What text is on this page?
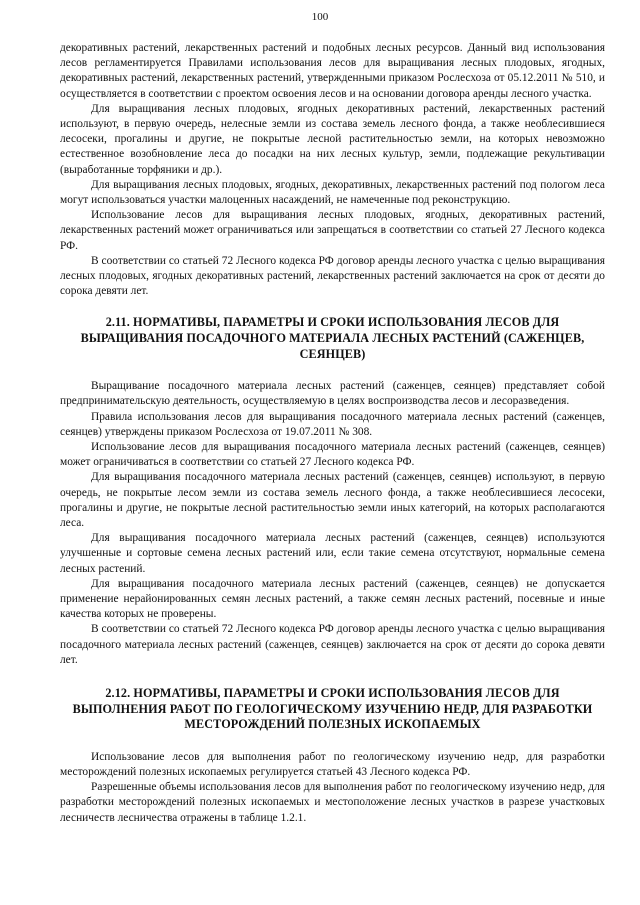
100

декоративных растений, лекарственных растений и подобных лесных ресурсов. Данный вид использования лесов регламентируется Правилами использования лесов для выращивания лесных плодовых, ягодных, декоративных растений, лекарственных растений, утвержденными приказом Рослесхоза от 05.12.2011 № 510, и осуществляется в соответствии с проектом освоения лесов и на основании договора аренды лесного участка.

Для выращивания лесных плодовых, ягодных декоративных растений, лекарственных растений используют, в первую очередь, нелесные земли из состава земель лесного фонда, а также необлесившиеся лесосеки, прогалины и другие, не покрытые лесной растительностью земли, на которых невозможно естественное возобновление леса до посадки на них лесных культур, земли, подлежащие рекультивации (выработанные торфяники и др.).

Для выращивания лесных плодовых, ягодных, декоративных, лекарственных растений под пологом леса могут использоваться участки малоценных насаждений, не намеченные под реконструкцию.

Использование лесов для выращивания лесных плодовых, ягодных, декоративных растений, лекарственных растений может ограничиваться или запрещаться в соответствии со статьей 27 Лесного кодекса РФ.

В соответствии со статьей 72 Лесного кодекса РФ договор аренды лесного участка с целью выращивания лесных плодовых, ягодных декоративных растений, лекарственных растений заключается на срок от десяти до сорока девяти лет.

2.11. НОРМАТИВЫ, ПАРАМЕТРЫ И СРОКИ ИСПОЛЬЗОВАНИЯ ЛЕСОВ ДЛЯ ВЫРАЩИВАНИЯ ПОСАДОЧНОГО МАТЕРИАЛА ЛЕСНЫХ РАСТЕНИЙ (САЖЕНЦЕВ, СЕЯНЦЕВ)

Выращивание посадочного материала лесных растений (саженцев, сеянцев) представляет собой предпринимательскую деятельность, осуществляемую в целях воспроизводства лесов и лесоразведения.

Правила использования лесов для выращивания посадочного материала лесных растений (саженцев, сеянцев) утверждены приказом Рослесхоза от 19.07.2011 № 308.

Использование лесов для выращивания посадочного материала лесных растений (саженцев, сеянцев) может ограничиваться в соответствии со статьей 27 Лесного кодекса РФ.

Для выращивания посадочного материала лесных растений (саженцев, сеянцев) используют, в первую очередь, не покрытые лесом земли из состава земель лесного фонда, а также необлесившиеся лесосеки, прогалины и другие, не покрытые лесной растительностью земли иных категорий, на которых располагаются леса.

Для выращивания посадочного материала лесных растений (саженцев, сеянцев) используются улучшенные и сортовые семена лесных растений или, если такие семена отсутствуют, нормальные семена лесных растений.

Для выращивания посадочного материала лесных растений (саженцев, сеянцев) не допускается применение нерайонированных семян лесных растений, а также семян лесных растений, посевные и иные качества которых не проверены.

В соответствии со статьей 72 Лесного кодекса РФ договор аренды лесного участка с целью выращивания посадочного материала лесных растений (саженцев, сеянцев) заключается на срок от десяти до сорока девяти лет.

2.12. НОРМАТИВЫ, ПАРАМЕТРЫ И СРОКИ ИСПОЛЬЗОВАНИЯ ЛЕСОВ ДЛЯ ВЫПОЛНЕНИЯ РАБОТ ПО ГЕОЛОГИЧЕСКОМУ ИЗУЧЕНИЮ НЕДР, ДЛЯ РАЗРАБОТКИ МЕСТОРОЖДЕНИЙ ПОЛЕЗНЫХ ИСКОПАЕМЫХ

Использование лесов для выполнения работ по геологическому изучению недр, для разработки месторождений полезных ископаемых регулируется статьей 43 Лесного кодекса РФ.

Разрешенные объемы использования лесов для выполнения работ по геологическому изучению недр, для разработки месторождений полезных ископаемых и местоположение лесных участков в разрезе участковых лесничеств лесничества отражены в таблице 1.2.1.
